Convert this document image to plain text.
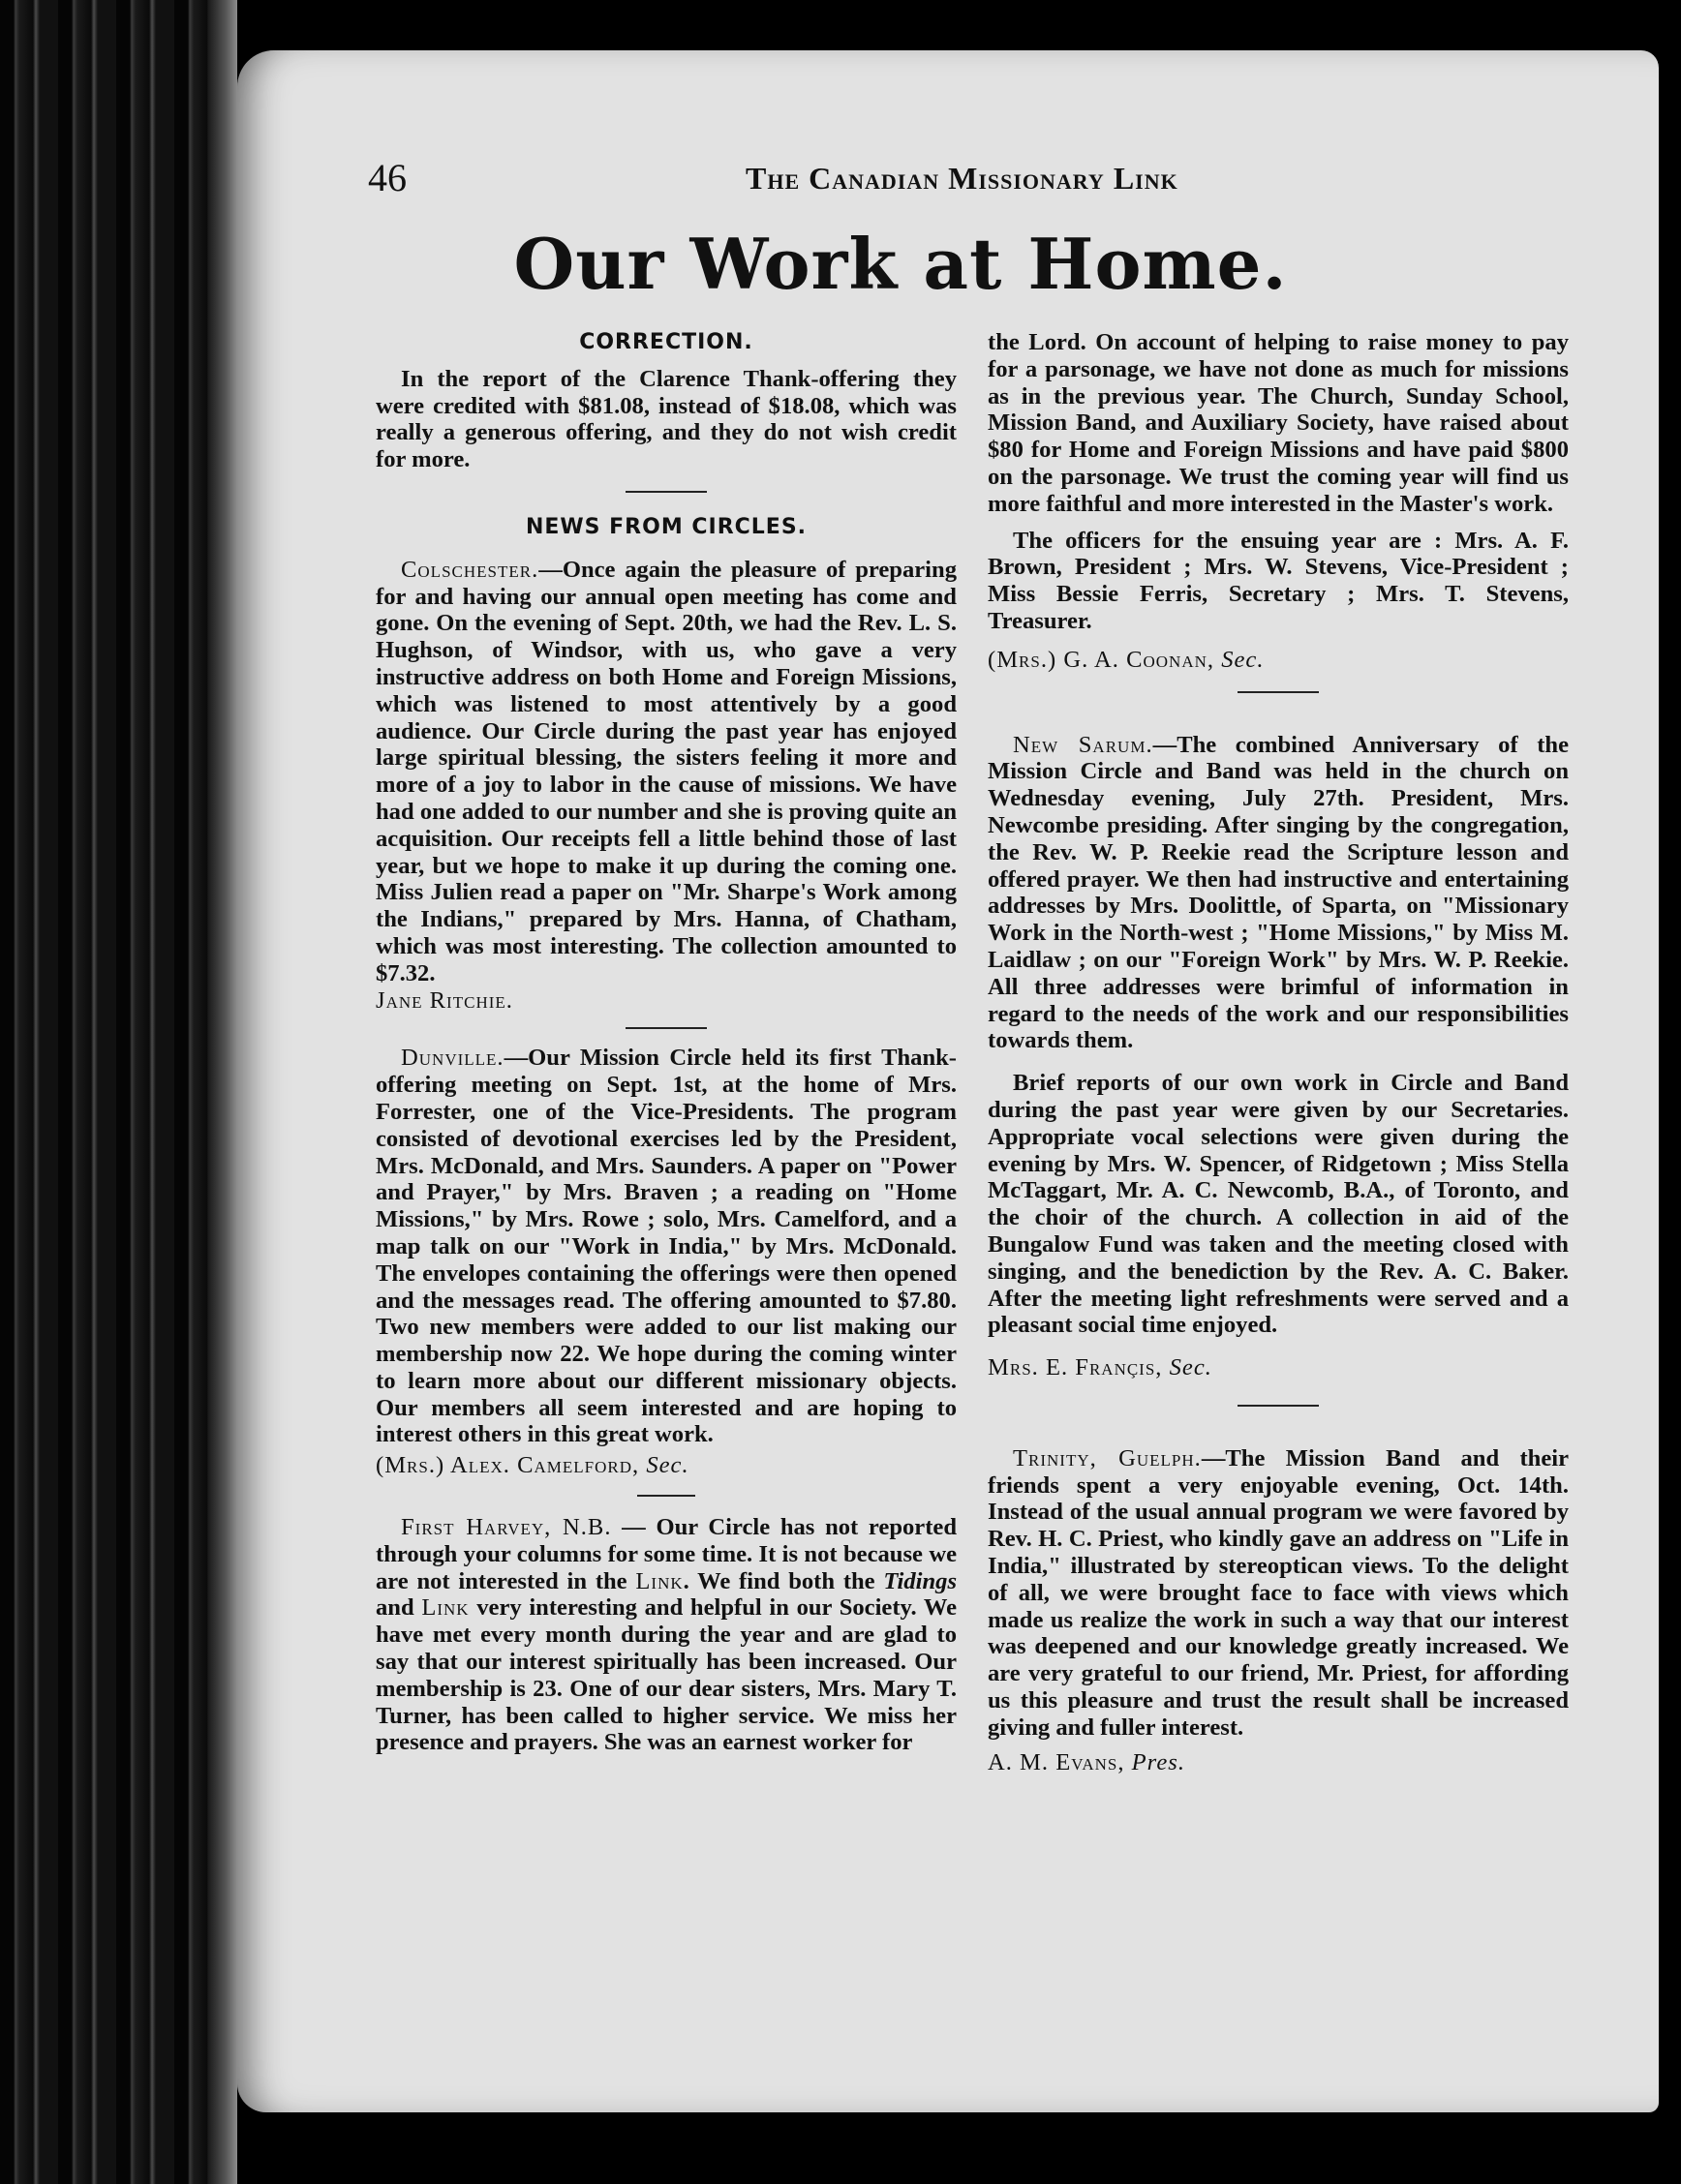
46	The Canadian Missionary Link
Our Work at Home.
CORRECTION.

In the report of the Clarence Thank-offering they were credited with $81.08, instead of $18.08, which was really a generous offering, and they do not wish credit for more.

NEWS FROM CIRCLES.

Colschester.—Once again the pleasure of preparing for and having our annual open meeting has come and gone. On the evening of Sept. 20th, we had the Rev. L. S. Hughson, of Windsor, with us, who gave a very instructive address on both Home and Foreign Missions, which was listened to most attentively by a good audience. Our Circle during the past year has enjoyed large spiritual blessing, the sisters feeling it more and more of a joy to labor in the cause of missions. We have had one added to our number and she is proving quite an acquisition. Our receipts fell a little behind those of last year, but we hope to make it up during the coming one. Miss Julien read a paper on "Mr. Sharpe's Work among the Indians," prepared by Mrs. Hanna, of Chatham, which was most interesting. The collection amounted to $7.32.

Jane Ritchie.

Dunville.—Our Mission Circle held its first Thank-offering meeting on Sept. 1st, at the home of Mrs. Forrester, one of the Vice-Presidents. The program consisted of devotional exercises led by the President, Mrs. McDonald, and Mrs. Saunders. A paper on "Power and Prayer," by Mrs. Braven ; a reading on "Home Missions," by Mrs. Rowe ; solo, Mrs. Camelford, and a map talk on our "Work in India," by Mrs. McDonald. The envelopes containing the offerings were then opened and the messages read. The offering amounted to $7.80. Two new members were added to our list making our membership now 22. We hope during the coming winter to learn more about our different missionary objects. Our members all seem interested and are hoping to interest others in this great work.

(Mrs.) Alex. Camelford, Sec.

First Harvey, N.B. — Our Circle has not reported through your columns for some time. It is not because we are not interested in the Link. We find both the Tidings and Link very interesting and helpful in our Society. We have met every month during the year and are glad to say that our interest spiritually has been increased. Our membership is 23. One of our dear sisters, Mrs. Mary T. Turner, has been called to higher service. We miss her presence and prayers. She was an earnest worker for

the Lord. On account of helping to raise money to pay for a parsonage, we have not done as much for missions as in the previous year. The Church, Sunday School, Mission Band, and Auxiliary Society, have raised about $80 for Home and Foreign Missions and have paid $800 on the parsonage. We trust the coming year will find us more faithful and more interested in the Master's work.

The officers for the ensuing year are : Mrs. A. F. Brown, President ; Mrs. W. Stevens, Vice-President ; Miss Bessie Ferris, Secretary ; Mrs. T. Stevens, Treasurer.

(Mrs.) G. A. Coonan, Sec.

New Sarum.—The combined Anniversary of the Mission Circle and Band was held in the church on Wednesday evening, July 27th. President, Mrs. Newcombe presiding. After singing by the congregation, the Rev. W. P. Reekie read the Scripture lesson and offered prayer. We then had instructive and entertaining addresses by Mrs. Doolittle, of Sparta, on "Missionary Work in the North-west ; "Home Missions," by Miss M. Laidlaw ; on our "Foreign Work" by Mrs. W. P. Reekie. All three addresses were brimful of information in regard to the needs of the work and our responsibilities towards them.

Brief reports of our own work in Circle and Band during the past year were given by our Secretaries. Appropriate vocal selections were given during the evening by Mrs. W. Spencer, of Ridgetown ; Miss Stella McTaggart, Mr. A. C. Newcomb, B.A., of Toronto, and the choir of the church. A collection in aid of the Bungalow Fund was taken and the meeting closed with singing, and the benediction by the Rev. A. C. Baker. After the meeting light refreshments were served and a pleasant social time enjoyed.

Mrs. E. Françis, Sec.

Trinity, Guelph.—The Mission Band and their friends spent a very enjoyable evening, Oct. 14th. Instead of the usual annual program we were favored by Rev. H. C. Priest, who kindly gave an address on "Life in India," illustrated by stereoptican views. To the delight of all, we were brought face to face with views which made us realize the work in such a way that our interest was deepened and our knowledge greatly increased. We are very grateful to our friend, Mr. Priest, for affording us this pleasure and trust the result shall be increased giving and fuller interest.

A. M. Evans, Pres.
